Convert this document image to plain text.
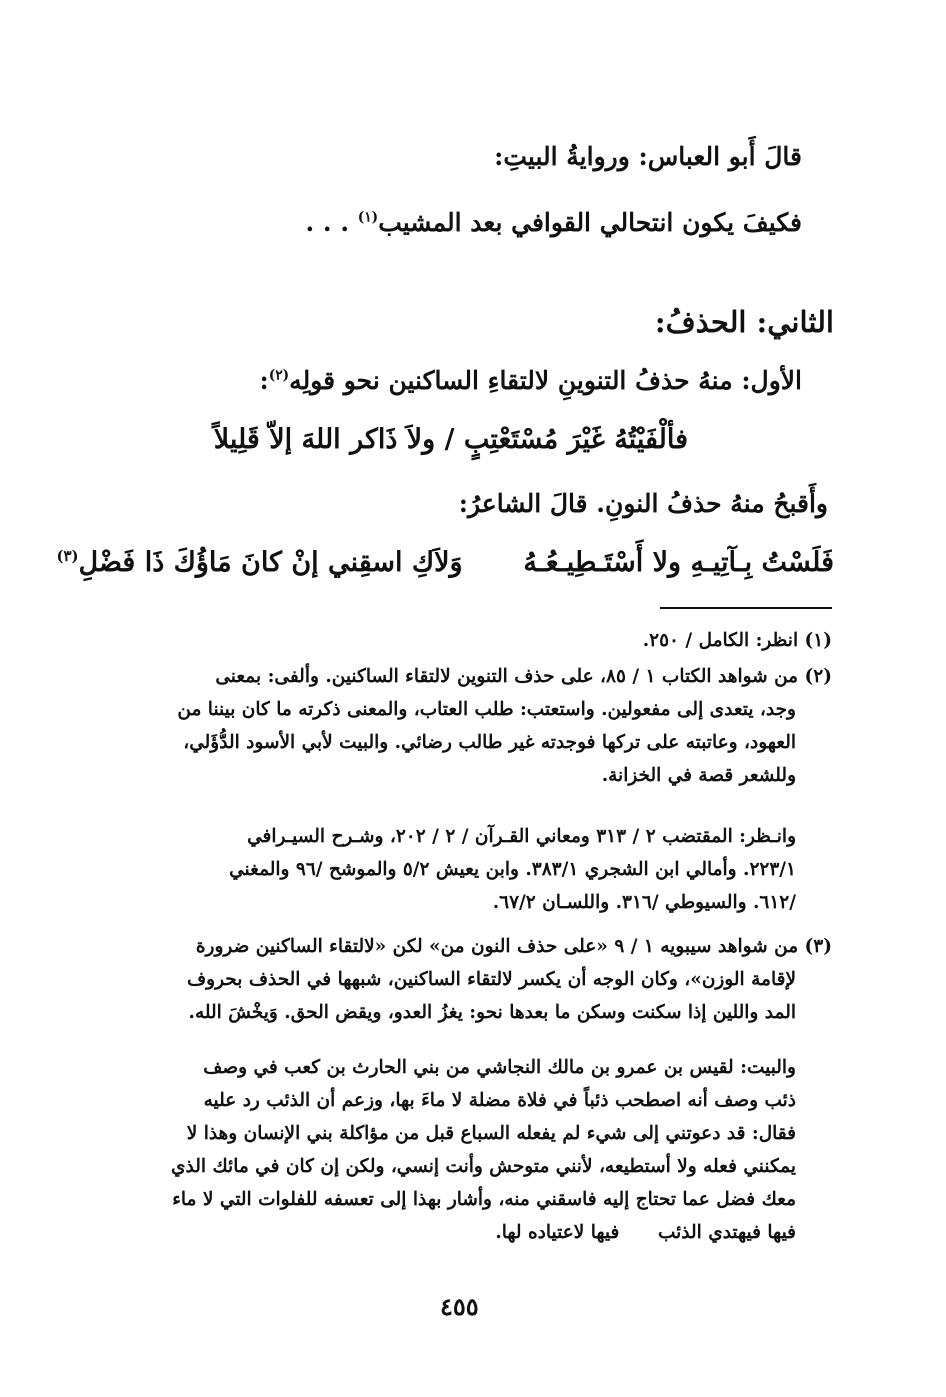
قالَ أَبو العباس: وروايةُ البيتِ:
فكيفَ يكون انتحالي القوافي بعد المشيب$^{(١)}$ . . .
الثاني: الحذفُ:
الأول: منهُ حذفُ التنوينِ لالتقاءِ الساكنين نحو قولِه$^{(٢)}$:
فألْفَيْتُهُ غَيْرَ مُسْتَعْتِبٍ / ولاَ ذَاكر اللهَ إلاّ قَلِيلاً
وأَقبحُ منهُ حذفُ النونِ. قالَ الشاعرُ:
فَلَسْتُ بِـآتِيـهِ ولا أَسْتَـطِيـعُـهُ  وَلاَكِ اسقِني إنْ كانَ مَاؤُكَ ذَا فَضْلِ$^{(٣)}$
(١) انظر: الكامل / ٢٥٠.

(٢) من شواهد الكتاب ١ / ٨٥، على حذف التنوين لالتقاء الساكنين. وألفى: بمعنى

وجد، يتعدى إلى مفعولين. واستعتب: طلب العتاب، والمعنى ذكرته ما كان بيننا من

العهود، وعاتبته على تركها فوجدته غير طالب رضائي. والبيت لأبي الأسود الدُّؤَلي،

وللشعر قصة في الخزانة.

وانـظر: المقتضب ٢ / ٣١٣ ومعاني القـرآن / ٢ / ٢٠٢، وشـرح السيـرافي

٢٢٣/١. وأمالي ابن الشجري ٣٨٣/١. وابن يعيش ٥/٢ والموشح /٩٦ والمغني

/٦١٢. والسيوطي /٣١٦. واللسـان ٦٧/٢.

(٣) من شواهد سيبويه ١ / ٩ «على حذف النون من» لكن «لالتقاء الساكنين ضرورة

لإقامة الوزن»، وكان الوجه أن يكسر لالتقاء الساكنين، شبهها في الحذف بحروف

المد واللين إذا سكنت وسكن ما بعدها نحو: يغزُ العدو، ويقض الحق. وَيخْشَ الله.

والبيت: لقيس بن عمرو بن مالك النجاشي من بني الحارث بن كعب في وصف

ذئب وصف أنه اصطحب ذئباً في فلاة مضلة لا ماءَ بها، وزعم أن الذئب رد عليه

فقال: قد دعوتني إلى شيء لم يفعله السباع قبل من مؤاكلة بني الإنسان وهذا لا

يمكنني فعله ولا أستطيعه، لأنني متوحش وأنت إنسي، ولكن إن كان في مائك الذي

معك فضل عما تحتاج إليه فاسقني منه، وأشار بهذا إلى تعسفه للفلوات التي لا ماء

فيها فيهتدي الذئب      فيها لاعتياده لها.

٤٥٥
